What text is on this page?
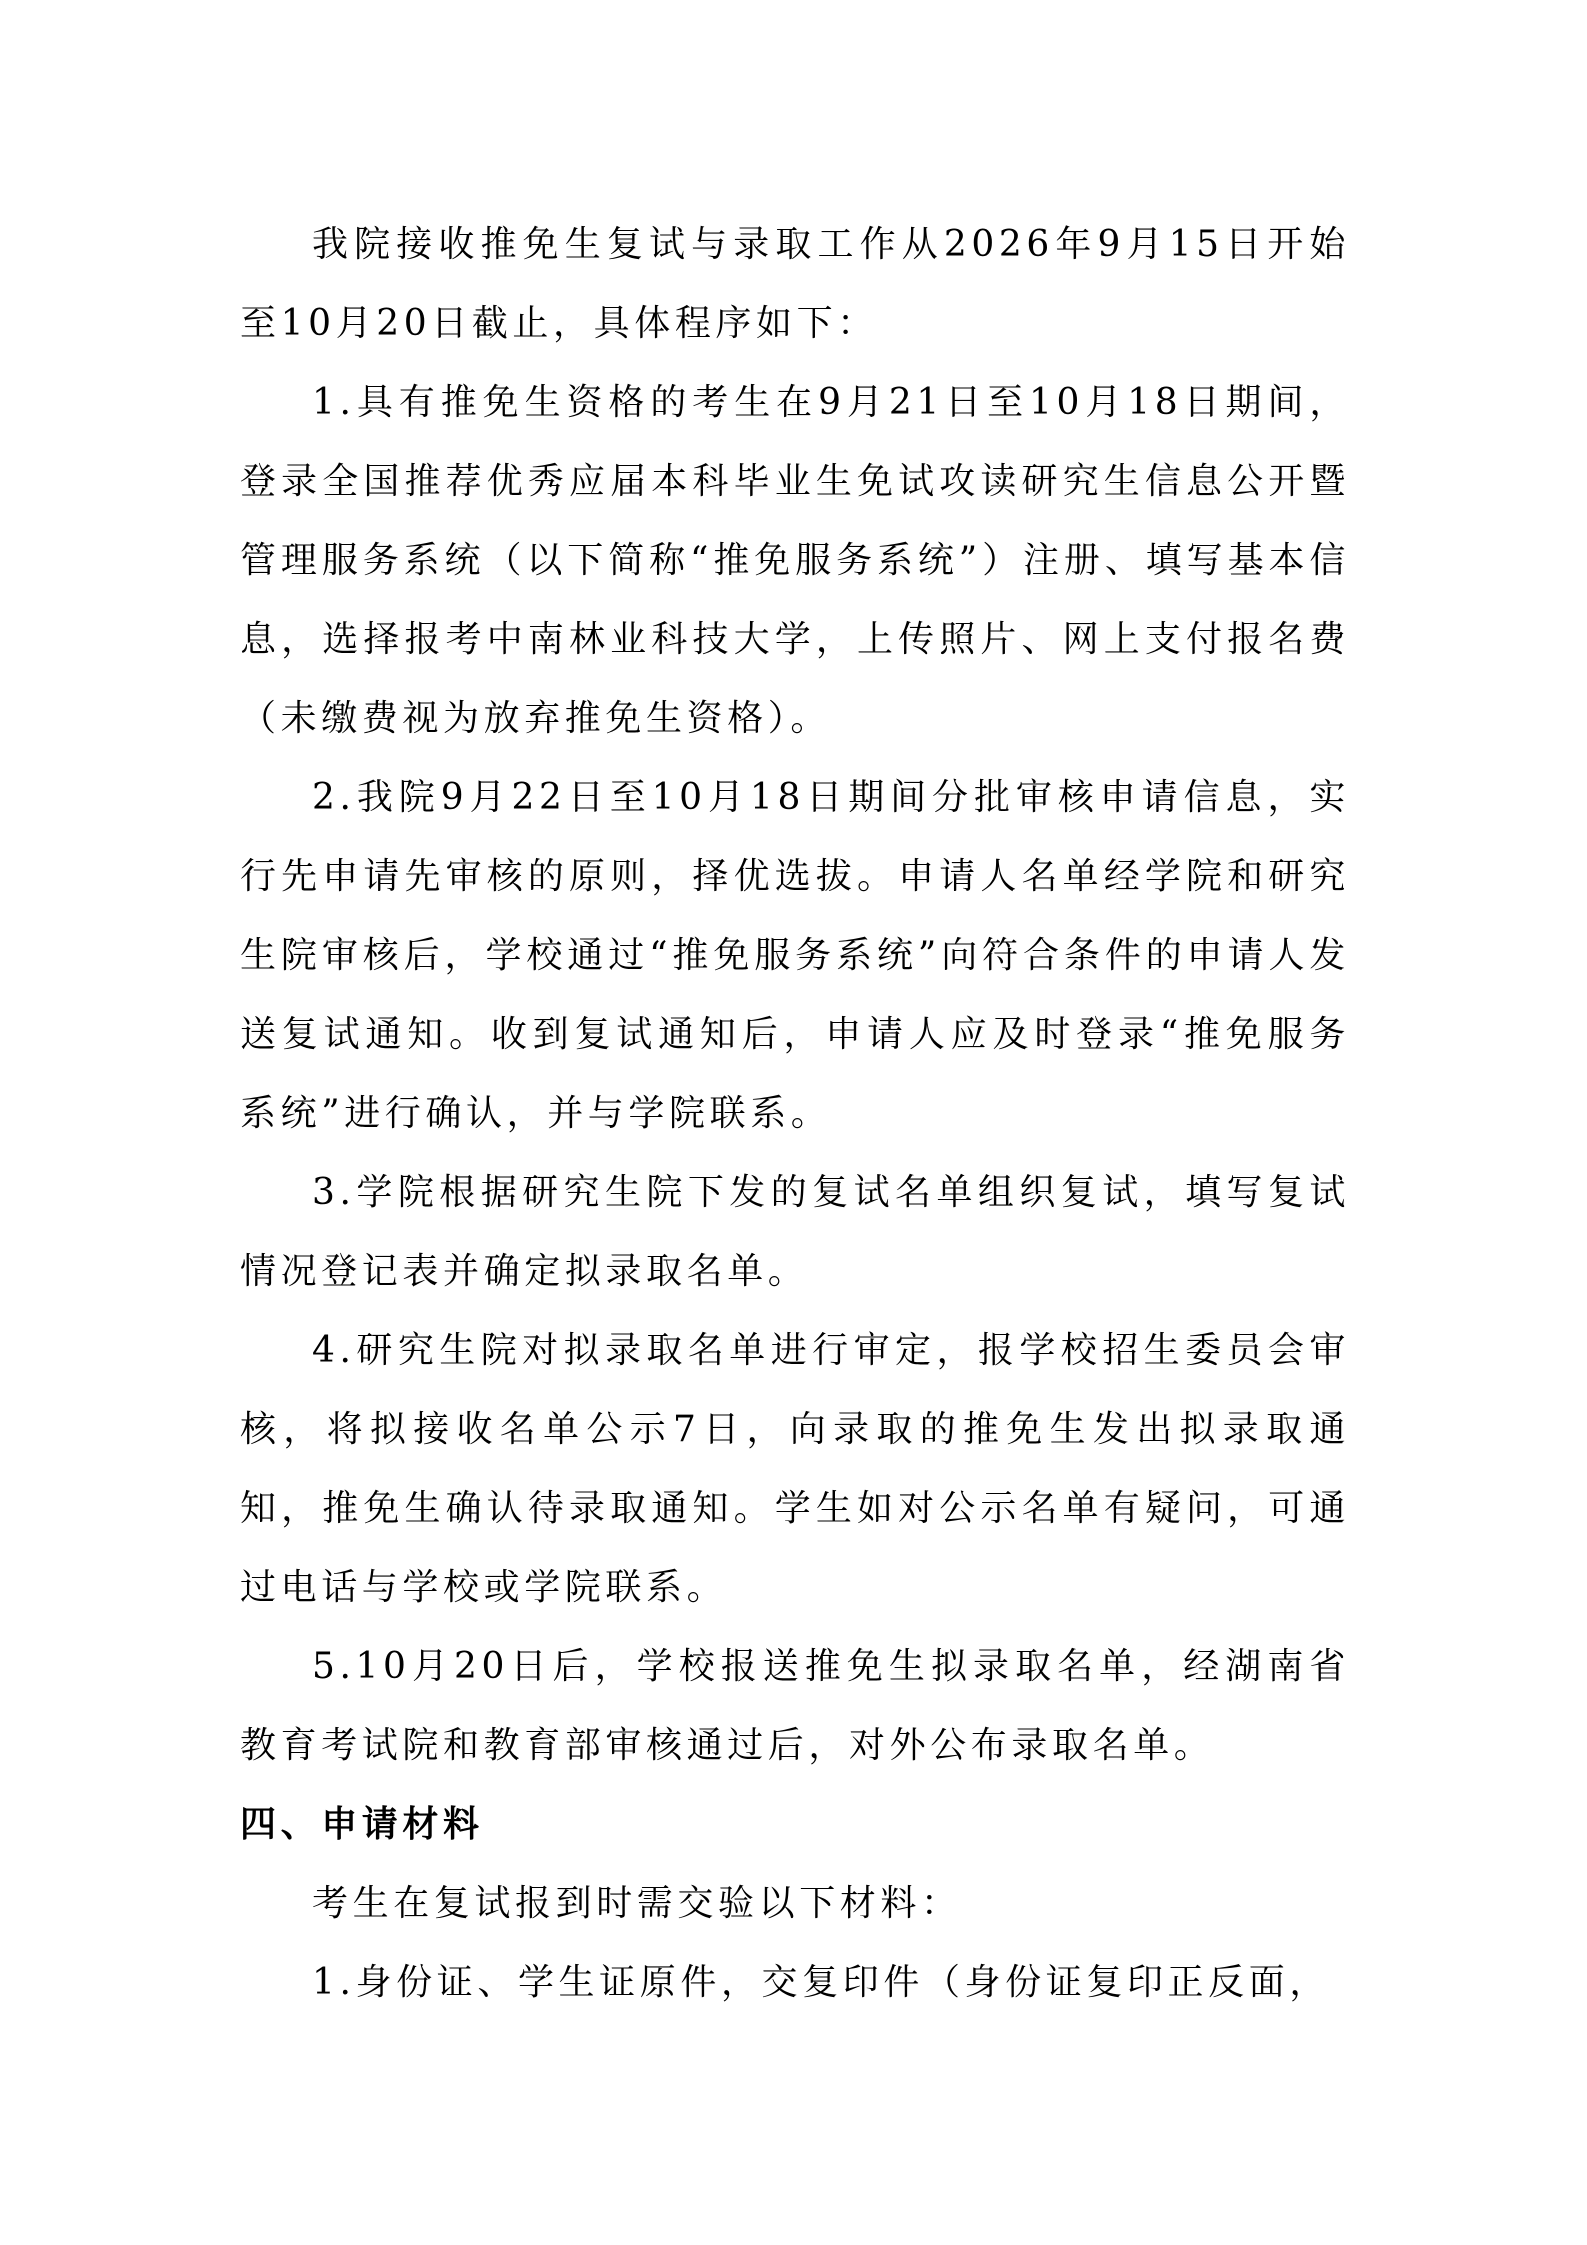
我院接收推免生复试与录取工作从2026年9月15日开始至10月20日截止，具体程序如下：

1.具有推免生资格的考生在9月21日至10月18日期间，登录全国推荐优秀应届本科毕业生免试攻读研究生信息公开暨管理服务系统（以下简称“推免服务系统”）注册、填写基本信息，选择报考中南林业科技大学，上传照片、网上支付报名费（未缴费视为放弃推免生资格）。

2.我院9月22日至10月18日期间分批审核申请信息，实行先申请先审核的原则，择优选拔。申请人名单经学院和研究生院审核后，学校通过“推免服务系统”向符合条件的申请人发送复试通知。收到复试通知后，申请人应及时登录“推免服务系统”进行确认，并与学院联系。

3.学院根据研究生院下发的复试名单组织复试，填写复试情况登记表并确定拟录取名单。

4.研究生院对拟录取名单进行审定，报学校招生委员会审核，将拟接收名单公示7日，向录取的推免生发出拟录取通知，推免生确认待录取通知。学生如对公示名单有疑问，可通过电话与学校或学院联系。

5.10月20日后，学校报送推免生拟录取名单，经湖南省教育考试院和教育部审核通过后，对外公布录取名单。

四、申请材料

考生在复试报到时需交验以下材料：

1.身份证、学生证原件，交复印件（身份证复印正反面，
